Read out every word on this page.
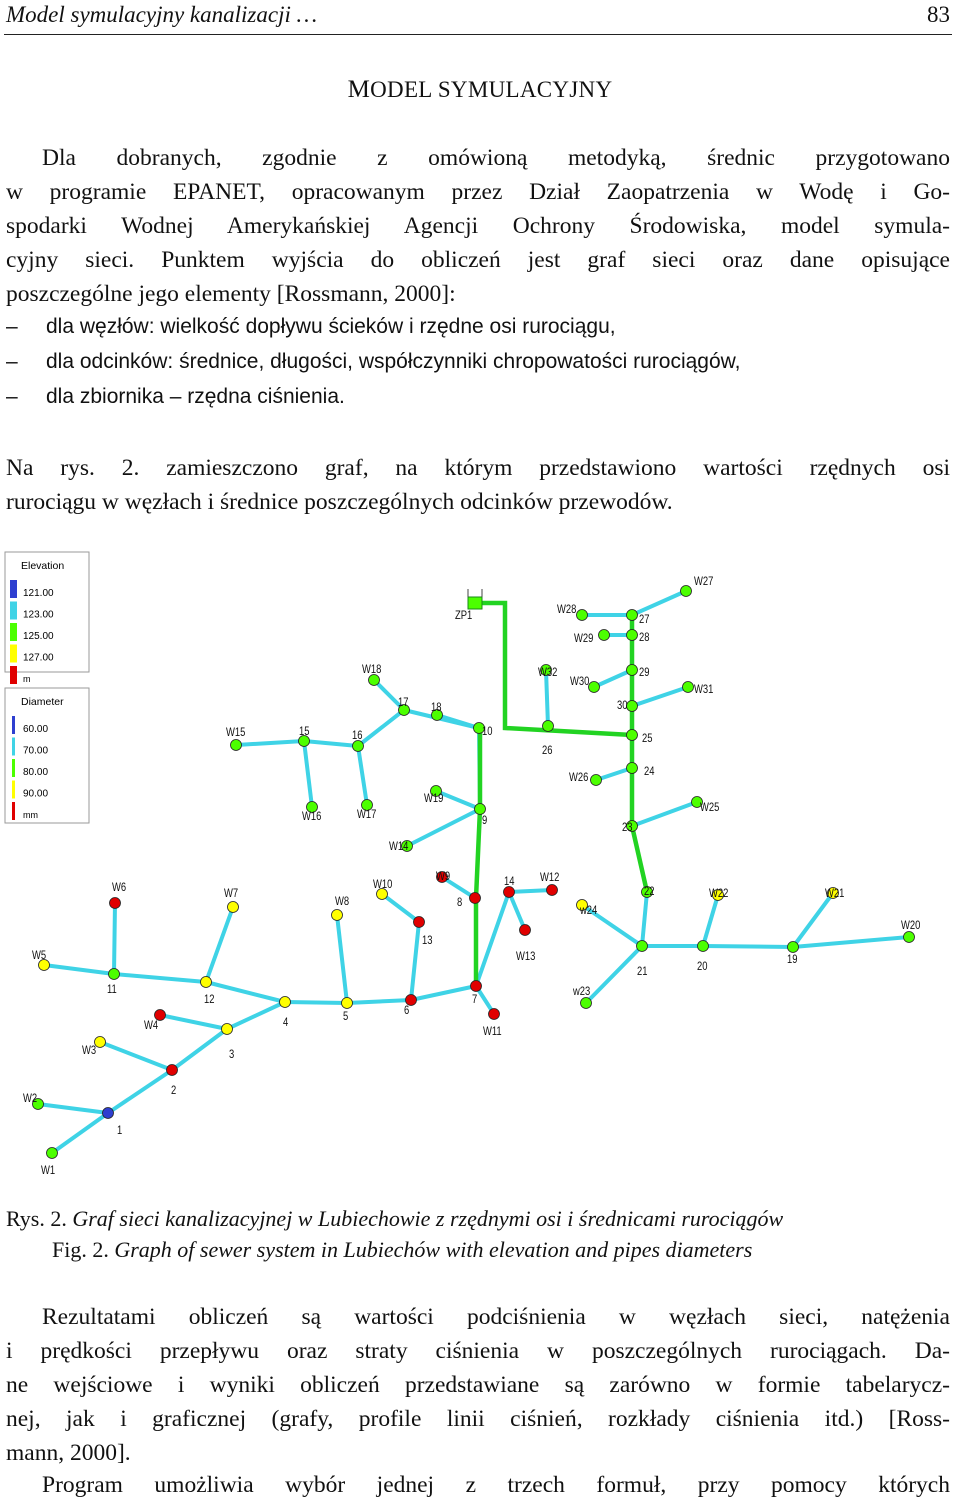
Model symulacyjny kanalizacji …	83
MODEL SYMULACYJNY
Dla dobranych, zgodnie z omówioną metodyką, średnic przygotowano
w programie EPANET, opracowanym przez Dział Zaopatrzenia w Wodę i Go-
spodarki Wodnej Amerykańskiej Agencji Ochrony Środowiska, model symula-
cyjny sieci. Punktem wyjścia do obliczeń jest graf sieci oraz dane opisujące
poszczególne jego elementy [Rossmann, 2000]:
– dla węzłów: wielkość dopływu ścieków i rzędne osi rurociągu,
– dla odcinków: średnice, długości, współczynniki chropowatości rurociągów,
– dla zbiornika – rzędna ciśnienia.
Na rys. 2. zamieszczono graf, na którym przedstawiono wartości rzędnych osi
rurociągu w węzłach i średnice poszczególnych odcinków przewodów.
Elevation
121.00
123.00
125.00
127.00
m
Diameter
60.00
70.00
80.00
90.00
mm
ZP1
W27
W28
27
W29	28
W32	29
W30
W31
30
25
24
W26
W25
23
W18
17 18
10
26
W15	15	16
W16	W17
W19
9
W14
W6	W7
W10
W9
W8
14 W12
22	W22	W21
W20
8
13
w24
W13
21	20
19
W5
11
12
W4	4	5	6
7
w23
W11
W3	3
2
W2
1
W1
Rys. 2. Graf sieci kanalizacyjnej w Lubiechowie z rzędnymi osi i średnicami rurociągów
Fig. 2. Graph of sewer system in Lubiechów with elevation and pipes diameters
Rezultatami obliczeń są wartości podciśnienia w węzłach sieci, natężenia
i prędkości przepływu oraz straty ciśnienia w poszczególnych rurociągach. Da-
ne wejściowe i wyniki obliczeń przedstawiane są zarówno w formie tabelarycz-
nej, jak i graficznej (grafy, profile linii ciśnień, rozkłady ciśnienia itd.) [Ross-
mann, 2000].
Program umożliwia wybór jednej z trzech formuł, przy pomocy których
